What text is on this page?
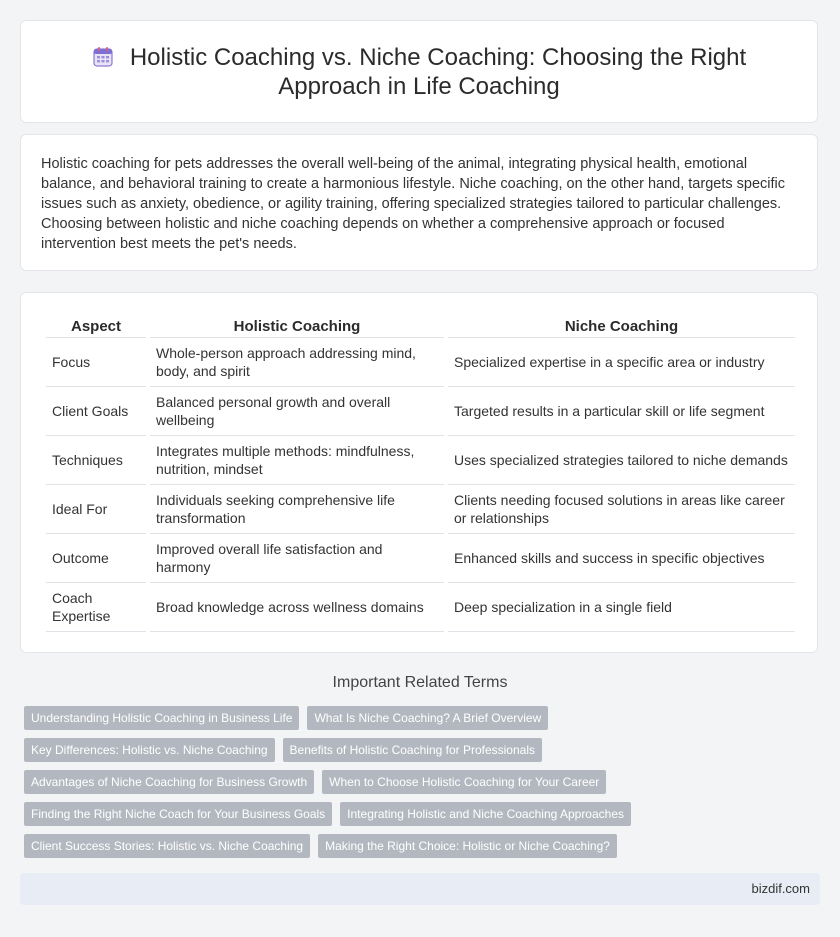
Holistic Coaching vs. Niche Coaching: Choosing the Right Approach in Life Coaching

Holistic coaching for pets addresses the overall well-being of the animal, integrating physical health, emotional balance, and behavioral training to create a harmonious lifestyle. Niche coaching, on the other hand, targets specific issues such as anxiety, obedience, or agility training, offering specialized strategies tailored to particular challenges. Choosing between holistic and niche coaching depends on whether a comprehensive approach or focused intervention best meets the pet's needs.

Aspect	Holistic Coaching	Niche Coaching
Focus	Whole-person approach addressing mind, body, and spirit	Specialized expertise in a specific area or industry
Client Goals	Balanced personal growth and overall wellbeing	Targeted results in a particular skill or life segment
Techniques	Integrates multiple methods: mindfulness, nutrition, mindset	Uses specialized strategies tailored to niche demands
Ideal For	Individuals seeking comprehensive life transformation	Clients needing focused solutions in areas like career or relationships
Outcome	Improved overall life satisfaction and harmony	Enhanced skills and success in specific objectives
Coach Expertise	Broad knowledge across wellness domains	Deep specialization in a single field
Important Related Terms
Understanding Holistic Coaching in Business Life	What Is Niche Coaching? A Brief Overview
Key Differences: Holistic vs. Niche Coaching	Benefits of Holistic Coaching for Professionals
Advantages of Niche Coaching for Business Growth	When to Choose Holistic Coaching for Your Career
Finding the Right Niche Coach for Your Business Goals	Integrating Holistic and Niche Coaching Approaches
Client Success Stories: Holistic vs. Niche Coaching	Making the Right Choice: Holistic or Niche Coaching?
bizdif.com
